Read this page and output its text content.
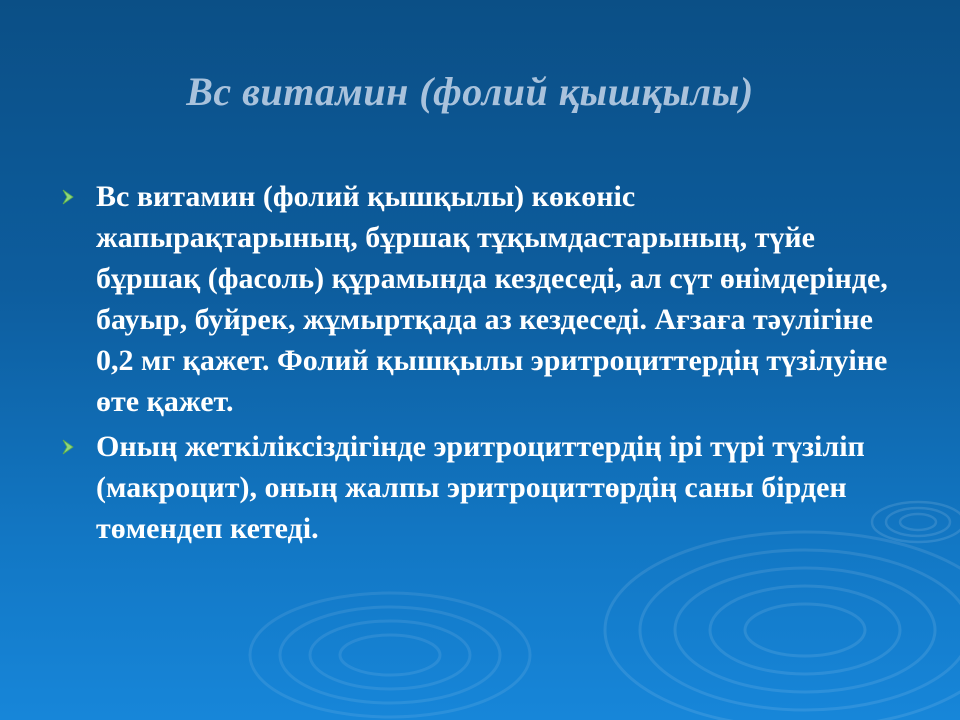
Вс витамин (фолий қышқылы)
Вс витамин (фолий қышқылы) көкөніс жапырақтарының, бұршақ тұқымдастарының, түйе бұршақ (фасоль) құрамында кездеседі, ал сүт өнімдерінде, бауыр, буйрек, жұмыртқада аз кездеседі. Ағзаға тәулігіне 0,2 мг қажет. Фолий қышқылы эритроциттердің түзілуіне өте қажет.
Оның жеткіліксіздігінде эритроциттердің ірі түрі түзіліп (макроцит), оның жалпы эритроциттөрдің саны бірден төмендеп кетеді.
